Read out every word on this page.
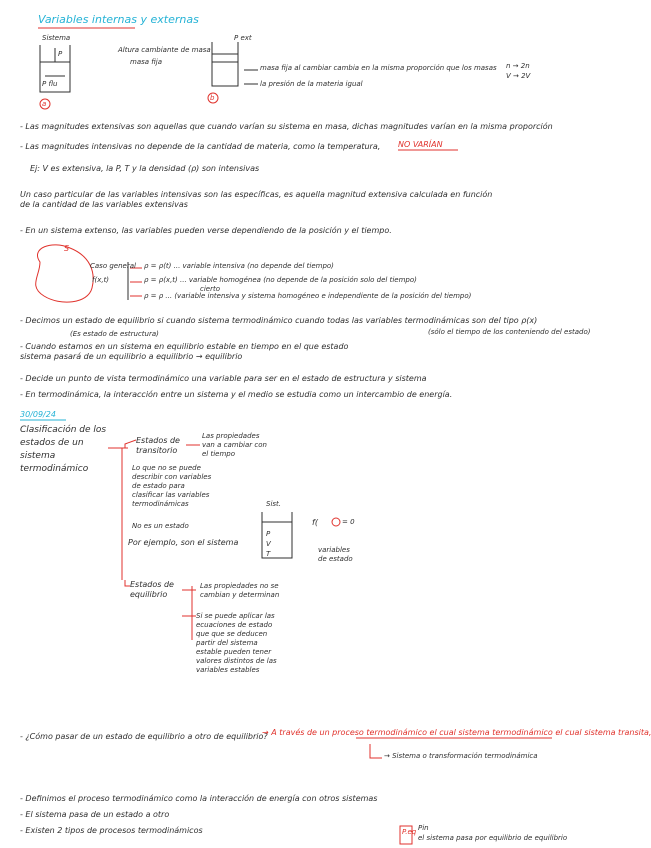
Variables internas y externas
Sistema
P
P flu
Altura cambiante de masa
masa fija
P ext
masa fija al cambiar cambia en la misma proporción que los masas
la presión de la materia igual
n → 2n
V → 2V
a
b
- Las magnitudes extensivas son aquellas que cuando varían su sistema en masa, dichas magnitudes varían en la misma proporción
- Las magnitudes intensivas no depende de la cantidad de materia, como la temperatura, NO VARÍAN
Ej: V es extensiva, la P, T y la densidad (ρ) son intensivas
Un caso particular de las variables intensivas son las específicas, es aquella magnitud extensiva calculada en función de la cantidad de las variables extensivas
- En un sistema extenso, las variables pueden verse dependiendo de la posición y el tiempo.
S
Caso general
f(x,t)
ρ = ρ(t) ... variable intensiva (no depende del tiempo)
ρ = ρ(x,t) ... variable homogénea (no depende de la posición solo del tiempo)
cierto
ρ = ρ ... (variable intensiva y sistema homogéneo e independiente de la posición del tiempo)
- Decimos un estado de equilibrio si cuando sistema termodinámico cuando todas las variables termodinámicas son del tipo ρ(x)
(sólo el tiempo de los conteniendo del estado)
(Es estado de estructura)
- Cuando estamos en un sistema en equilibrio estable en tiempo en el que estado sistema pasará de un equilibrio a equilibrio → equilibrio
- Decide un punto de vista termodinámico una variable para ser en el estado de estructura y sistema
- En termodinámica, la interacción entre un sistema y el medio se estudia como un intercambio de energía.
30/09/24
Clasificación de los estados de un sistema termodinámico
Estados de transitorio
Las propiedades van a cambiar con el tiempo
Lo que no se puede describir con variables de estado para clasificar las variables termodinámicas
No es un estado
Por ejemplo, son el sistema
Estados de equilibrio
Las propiedades no se cambian y determinan
Si se puede aplicar las ecuaciones de estado que que se deducen partir del sistema estable pueden tener valores distintos de las variables estables
Sist.
P
V
T
f(	= 0
variables de estado
- ¿Cómo pasar de un estado de equilibrio a otro de equilibrio?
→ A través de un proceso termodinámico el cual sistema termodinámico el cual sistema transita,
→ Sistema o transformación termodinámica
- Definimos el proceso termodinámico como la interacción de energía con otros sistemas
- El sistema pasa de un estado a otro
- Existen 2 tipos de procesos termodinámicos
el sistema pasa por equilibrio de equilibrio
Pin
P.eq
